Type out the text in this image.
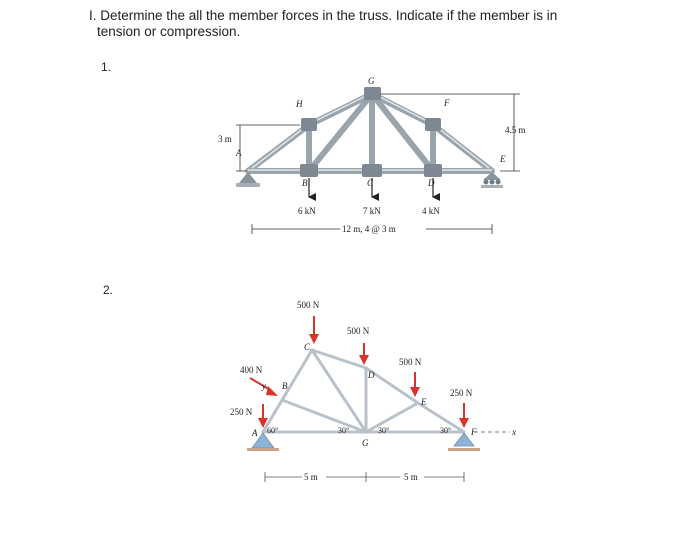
I. Determine the all the member forces in the truss. Indicate if the member is in
tension or compression.
1.
2.
A
H
G
F
B	C	D
E
3 m
4.5 m
6 kN	7 kN	4 kN
12 m, 4 @ 3 m
500 N
500 N
500 N
250 N
400 N
250 N
C
D
E
F
B
A
G
60°	30°	30°	30°	x
y
5 m	5 m
